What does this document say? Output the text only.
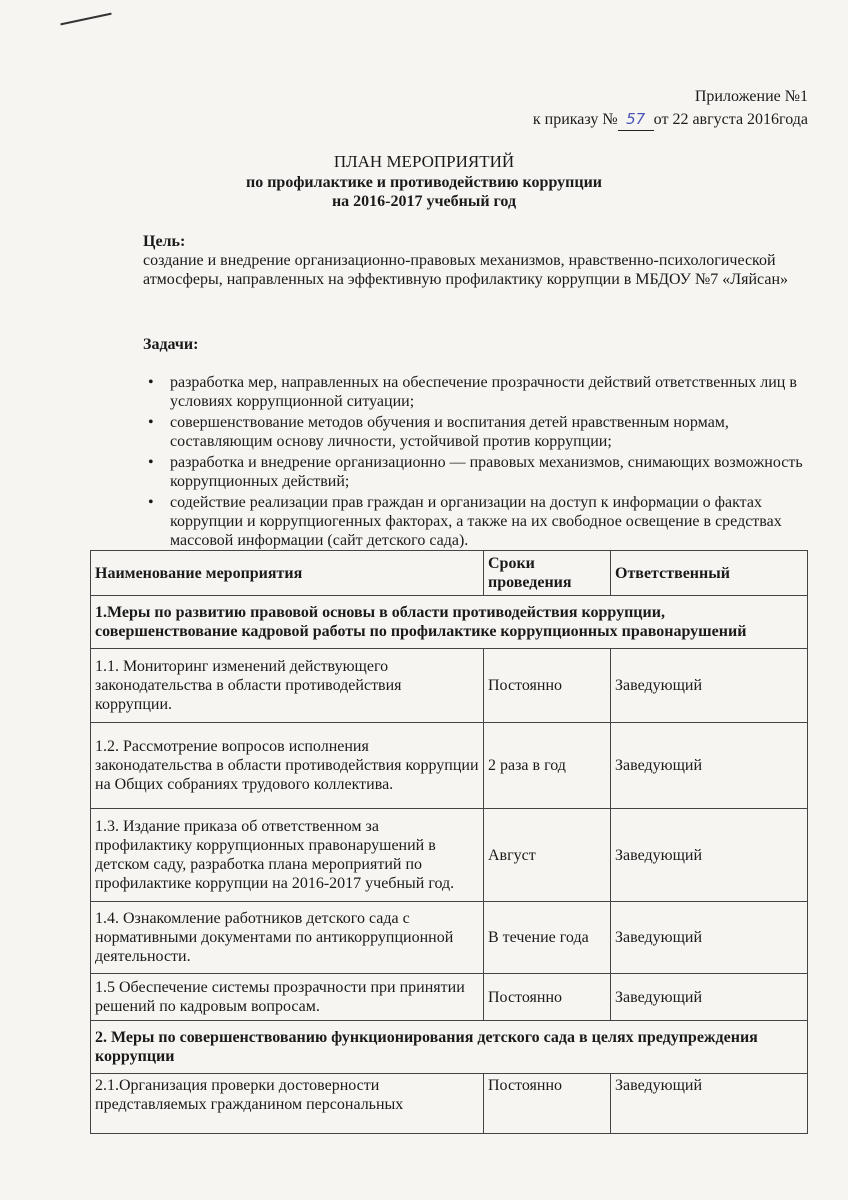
Приложение №1
к приказу № 57 от 22 августа 2016года
ПЛАН МЕРОПРИЯТИЙ
по профилактике и противодействию коррупции
на 2016-2017 учебный год
Цель:
создание и внедрение организационно-правовых механизмов, нравственно-психологической атмосферы, направленных на эффективную профилактику коррупции в МБДОУ №7 «Ляйсан»
Задачи:
• разработка мер, направленных на обеспечение прозрачности действий ответственных лиц в условиях коррупционной ситуации;
• совершенствование методов обучения и воспитания детей нравственным нормам, составляющим основу личности, устойчивой против коррупции;
• разработка и внедрение организационно — правовых механизмов, снимающих возможность коррупционных действий;
• содействие реализации прав граждан и организации на доступ к информации о фактах коррупции и коррупциогенных факторах, а также на их свободное освещение в средствах массовой информации (сайт детского сада).
Наименование мероприятия	Сроки проведения	Ответственный
1.Меры по развитию правовой основы в области противодействия коррупции, совершенствование кадровой работы по профилактике коррупционных правонарушений		
1.1. Мониторинг изменений действующего законодательства в области противодействия коррупции.	Постоянно	Заведующий
1.2. Рассмотрение вопросов исполнения законодательства в области противодействия коррупции на Общих собраниях трудового коллектива.	2 раза в год	Заведующий
1.3. Издание приказа об ответственном за профилактику коррупционных правонарушений в детском саду, разработка плана мероприятий по профилактике коррупции на 2016-2017 учебный год.	Август	Заведующий
1.4. Ознакомление работников детского сада с нормативными документами по антикоррупционной деятельности.	В течение года	Заведующий
1.5 Обеспечение системы прозрачности при принятии решений по кадровым вопросам.	Постоянно	Заведующий
2. Меры по совершенствованию функционирования детского сада в целях предупреждения коррупции		
2.1.Организация проверки достоверности представляемых гражданином персональных	Постоянно	Заведующий
